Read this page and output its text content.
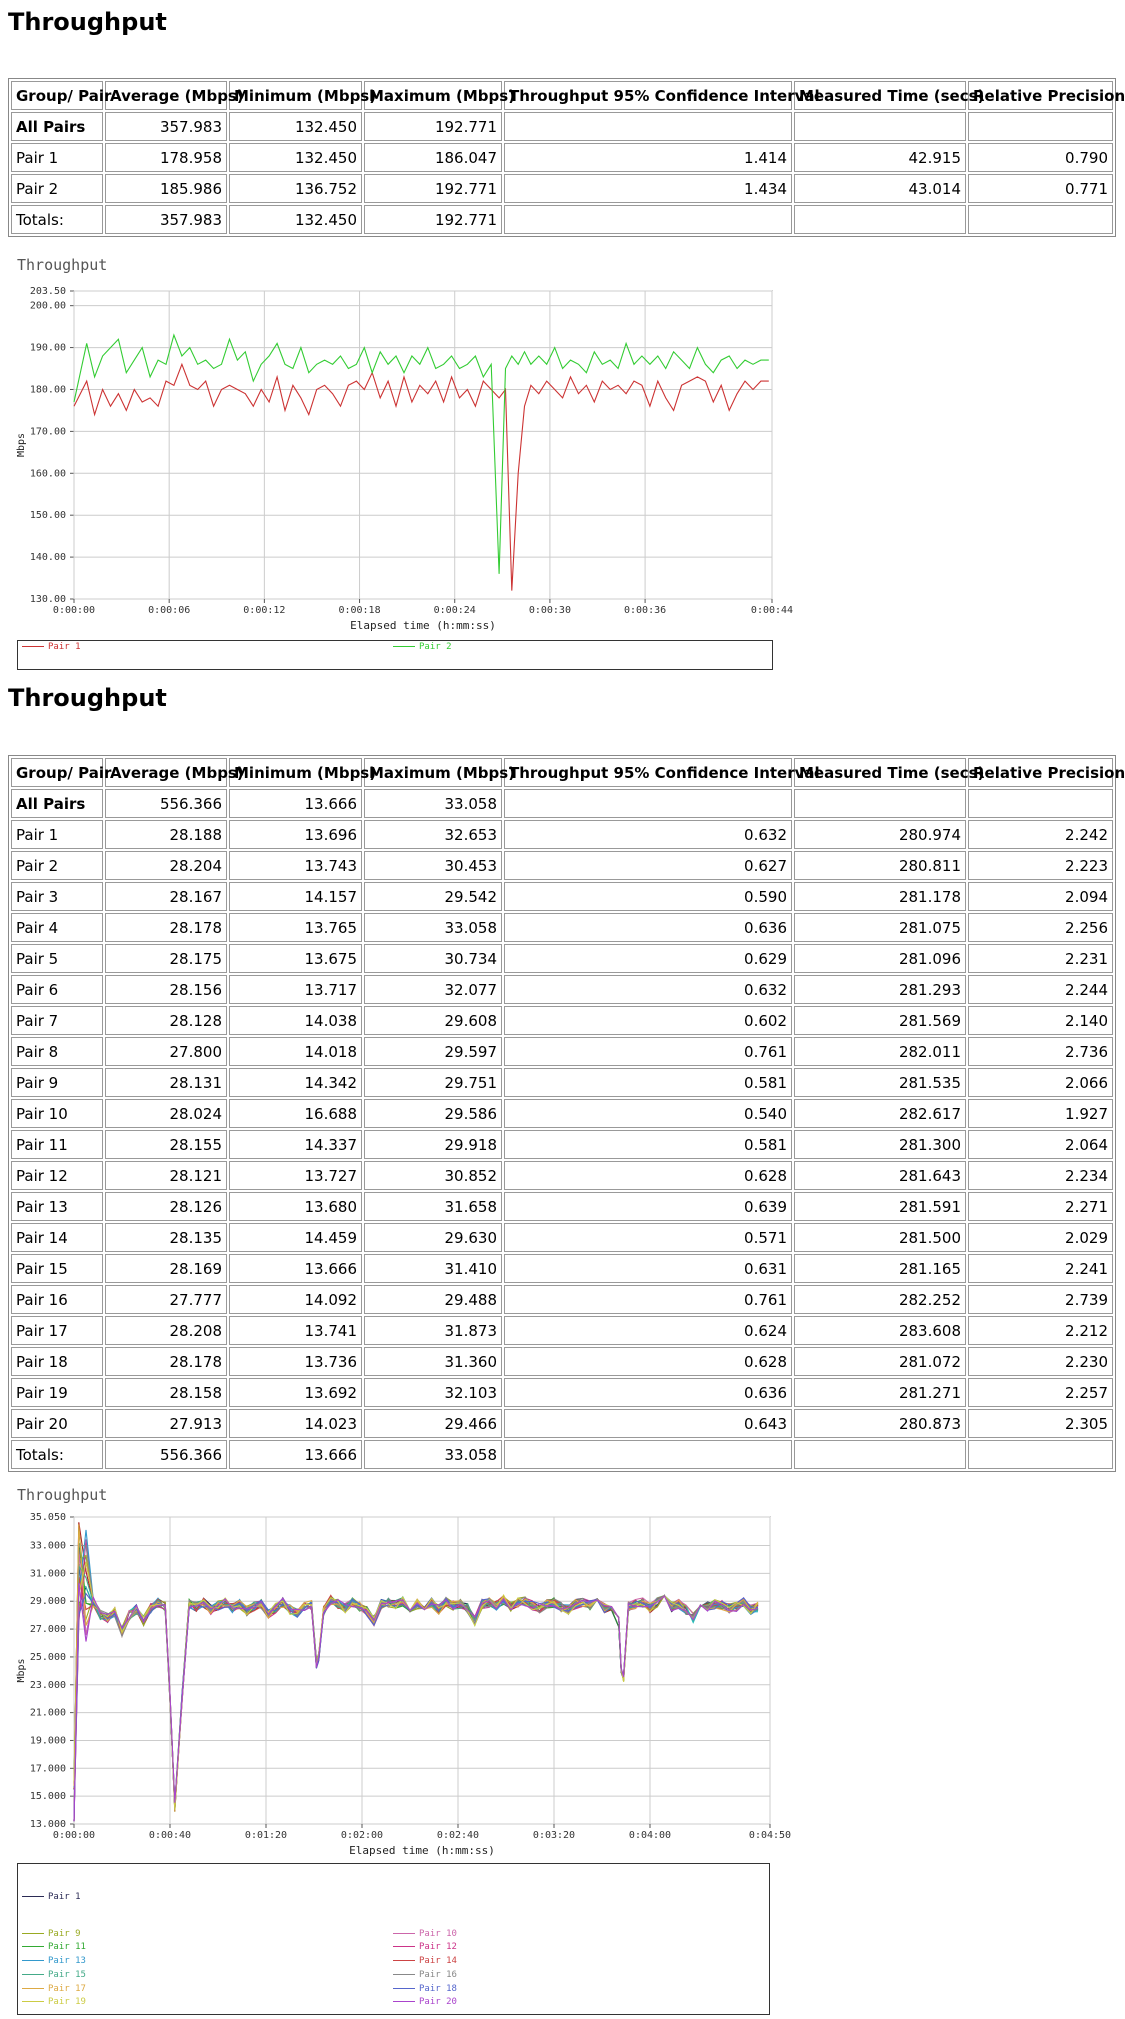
Throughput
Group/ Pair	Average (Mbps)	Minimum (Mbps)	Maximum (Mbps)	Throughput 95% Confidence Interval	Measured Time (secs)	Relative Precision
All Pairs	357.983	132.450	192.771			
Pair 1	178.958	132.450	186.047	1.414	42.915	0.790
Pair 2	185.986	136.752	192.771	1.434	43.014	0.771
Totals:	357.983	132.450	192.771			
Throughput
130.00
140.00
150.00
160.00
170.00
180.00
190.00
200.00
203.50
0:00:00	0:00:06	0:00:12	0:00:18	0:00:24	0:00:30	0:00:36	0:00:44
Elapsed time (h:mm:ss)
Mbps
Pair 1	Pair 2
Throughput
Group/ Pair	Average (Mbps)	Minimum (Mbps)	Maximum (Mbps)	Throughput 95% Confidence Interval	Measured Time (secs)	Relative Precision
All Pairs	556.366	13.666	33.058			
Pair 1	28.188	13.696	32.653	0.632	280.974	2.242
Pair 2	28.204	13.743	30.453	0.627	280.811	2.223
Pair 3	28.167	14.157	29.542	0.590	281.178	2.094
Pair 4	28.178	13.765	33.058	0.636	281.075	2.256
Pair 5	28.175	13.675	30.734	0.629	281.096	2.231
Pair 6	28.156	13.717	32.077	0.632	281.293	2.244
Pair 7	28.128	14.038	29.608	0.602	281.569	2.140
Pair 8	27.800	14.018	29.597	0.761	282.011	2.736
Pair 9	28.131	14.342	29.751	0.581	281.535	2.066
Pair 10	28.024	16.688	29.586	0.540	282.617	1.927
Pair 11	28.155	14.337	29.918	0.581	281.300	2.064
Pair 12	28.121	13.727	30.852	0.628	281.643	2.234
Pair 13	28.126	13.680	31.658	0.639	281.591	2.271
Pair 14	28.135	14.459	29.630	0.571	281.500	2.029
Pair 15	28.169	13.666	31.410	0.631	281.165	2.241
Pair 16	27.777	14.092	29.488	0.761	282.252	2.739
Pair 17	28.208	13.741	31.873	0.624	283.608	2.212
Pair 18	28.178	13.736	31.360	0.628	281.072	2.230
Pair 19	28.158	13.692	32.103	0.636	281.271	2.257
Pair 20	27.913	14.023	29.466	0.643	280.873	2.305
Totals:	556.366	13.666	33.058			
Throughput
13.000
15.000
17.000
19.000
21.000
23.000
25.000
27.000
29.000
31.000
33.000
35.050
0:00:00	0:00:40	0:01:20	0:02:00	0:02:40	0:03:20	0:04:00	0:04:50
Elapsed time (h:mm:ss)
Mbps
Pair 1
Pair 9
Pair 11
Pair 13
Pair 15
Pair 17
Pair 19
Pair 10
Pair 12
Pair 14
Pair 16
Pair 18
Pair 20
